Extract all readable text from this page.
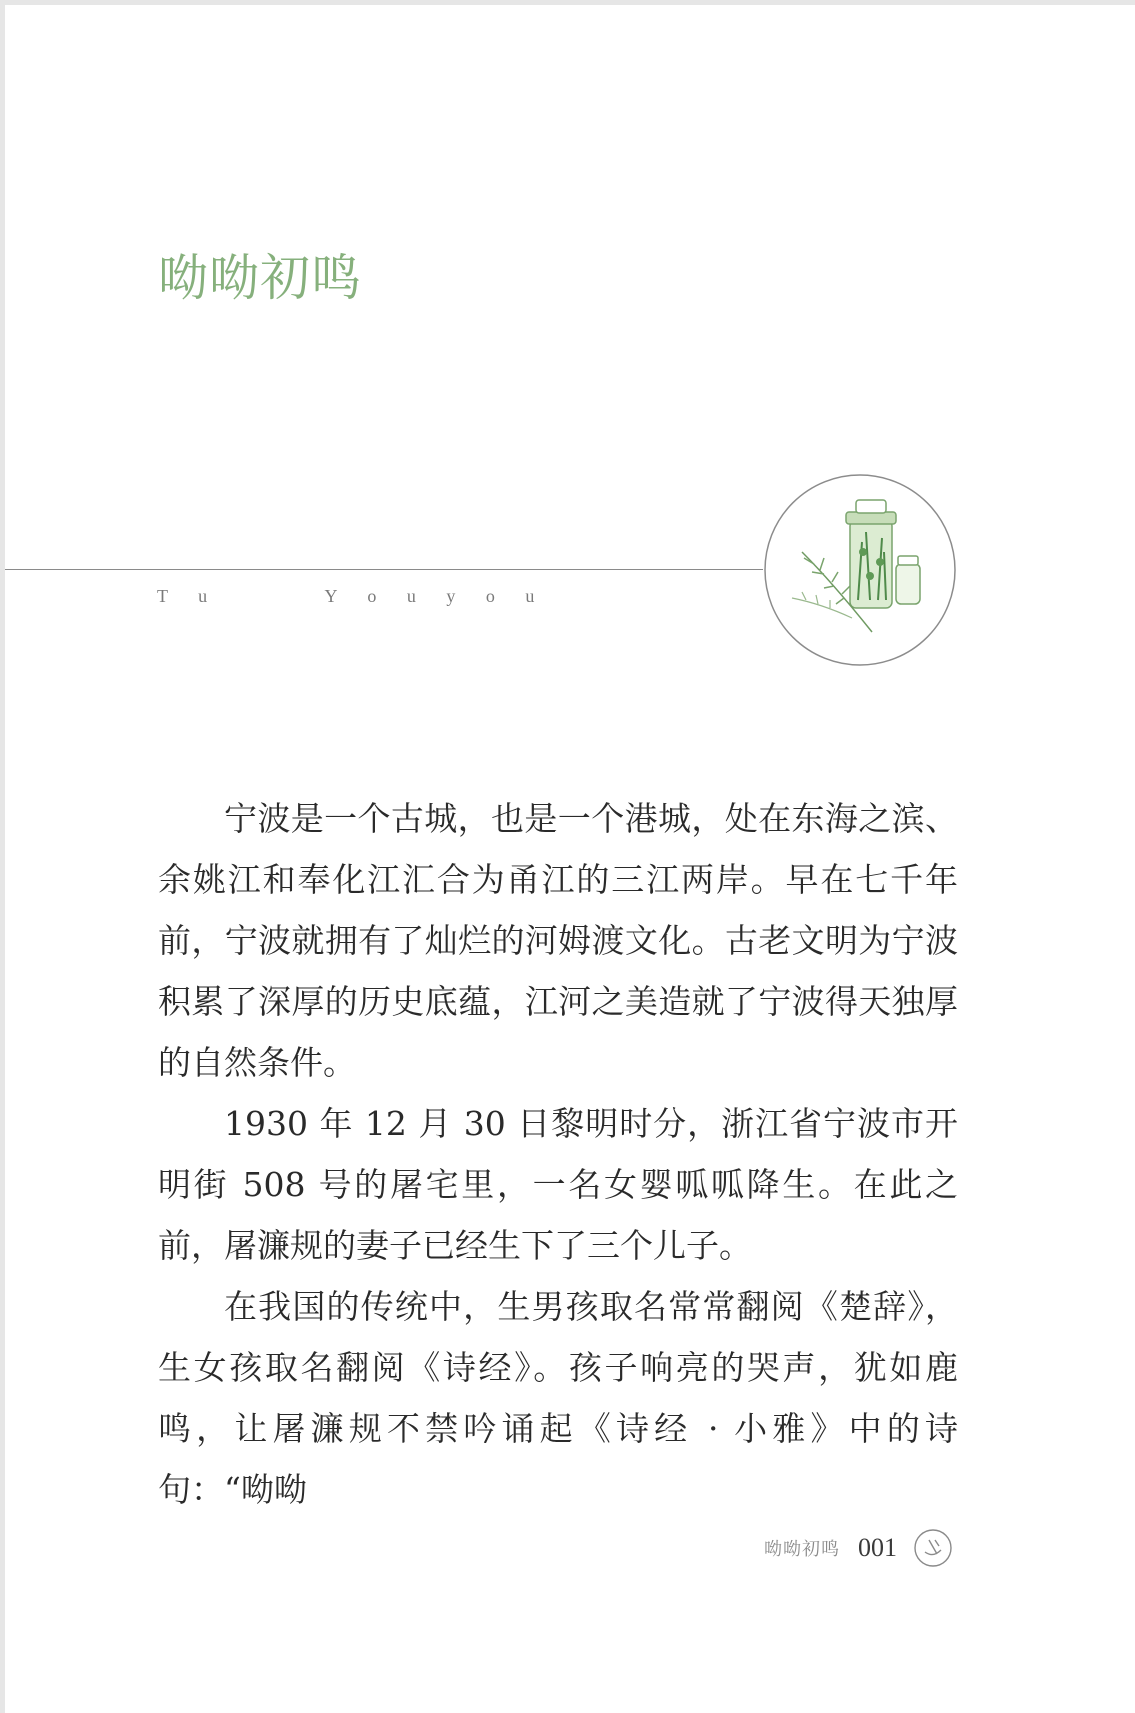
呦呦初鸣
T u      Y o u y o u

宁波是一个古城，也是一个港城，处在东海之滨、余姚江和奉化江汇合为甬江的三江两岸。早在七千年前，宁波就拥有了灿烂的河姆渡文化。古老文明为宁波积累了深厚的历史底蕴，江河之美造就了宁波得天独厚的自然条件。

1930 年 12 月 30 日黎明时分，浙江省宁波市开明街 508 号的屠宅里，一名女婴呱呱降生。在此之前，屠濂规的妻子已经生下了三个儿子。

在我国的传统中，生男孩取名常常翻阅《楚辞》，生女孩取名翻阅《诗经》。孩子响亮的哭声，犹如鹿鸣，让屠濂规不禁吟诵起《诗经 · 小雅》中的诗句：“呦呦

呦呦初鸣 001
